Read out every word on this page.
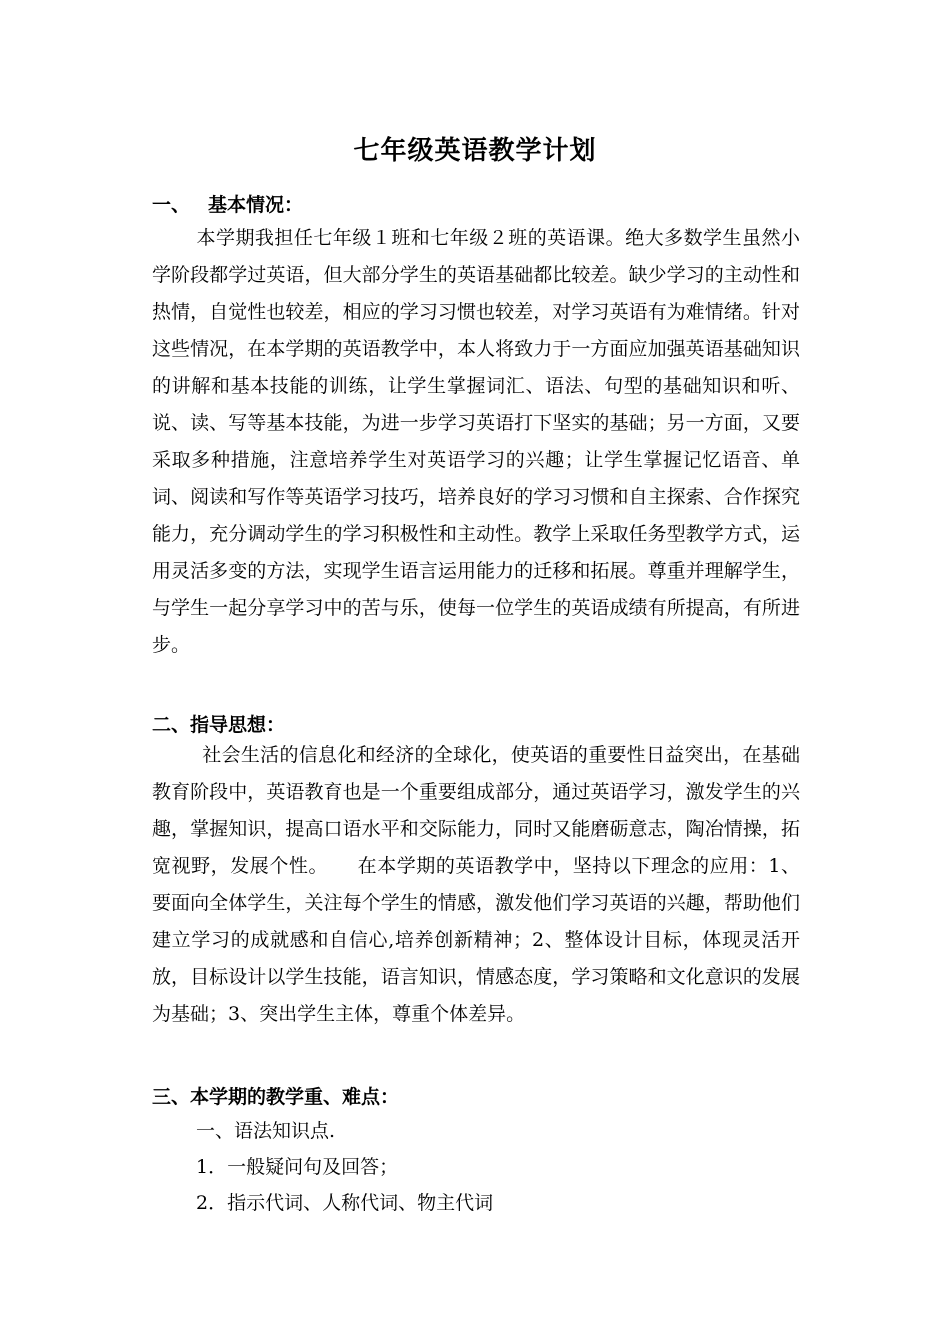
七年级英语教学计划
一、 基本情况：
本学期我担任七年级１班和七年级２班的英语课。绝大多数学生虽然小学阶段都学过英语，但大部分学生的英语基础都比较差。缺少学习的主动性和热情，自觉性也较差，相应的学习习惯也较差，对学习英语有为难情绪。针对这些情况，在本学期的英语教学中，本人将致力于一方面应加强英语基础知识的讲解和基本技能的训练，让学生掌握词汇、语法、句型的基础知识和听、说、读、写等基本技能，为进一步学习英语打下坚实的基础；另一方面，又要采取多种措施，注意培养学生对英语学习的兴趣；让学生掌握记忆语音、单词、阅读和写作等英语学习技巧，培养良好的学习习惯和自主探索、合作探究能力，充分调动学生的学习积极性和主动性。教学上采取任务型教学方式，运用灵活多变的方法，实现学生语言运用能力的迁移和拓展。尊重并理解学生，与学生一起分享学习中的苦与乐，使每一位学生的英语成绩有所提高，有所进步。
二、指导思想：
社会生活的信息化和经济的全球化，使英语的重要性日益突出，在基础教育阶段中，英语教育也是一个重要组成部分，通过英语学习，激发学生的兴趣，掌握知识，提高口语水平和交际能力，同时又能磨砺意志，陶冶情操，拓宽视野，发展个性。　　在本学期的英语教学中，坚持以下理念的应用：1、要面向全体学生，关注每个学生的情感，激发他们学习英语的兴趣，帮助他们建立学习的成就感和自信心,培养创新精神；2、整体设计目标，体现灵活开放，目标设计以学生技能，语言知识，情感态度，学习策略和文化意识的发展为基础；3、突出学生主体，尊重个体差异。
三、本学期的教学重、难点：
一、语法知识点.
1．一般疑问句及回答；
2．指示代词、人称代词、物主代词
